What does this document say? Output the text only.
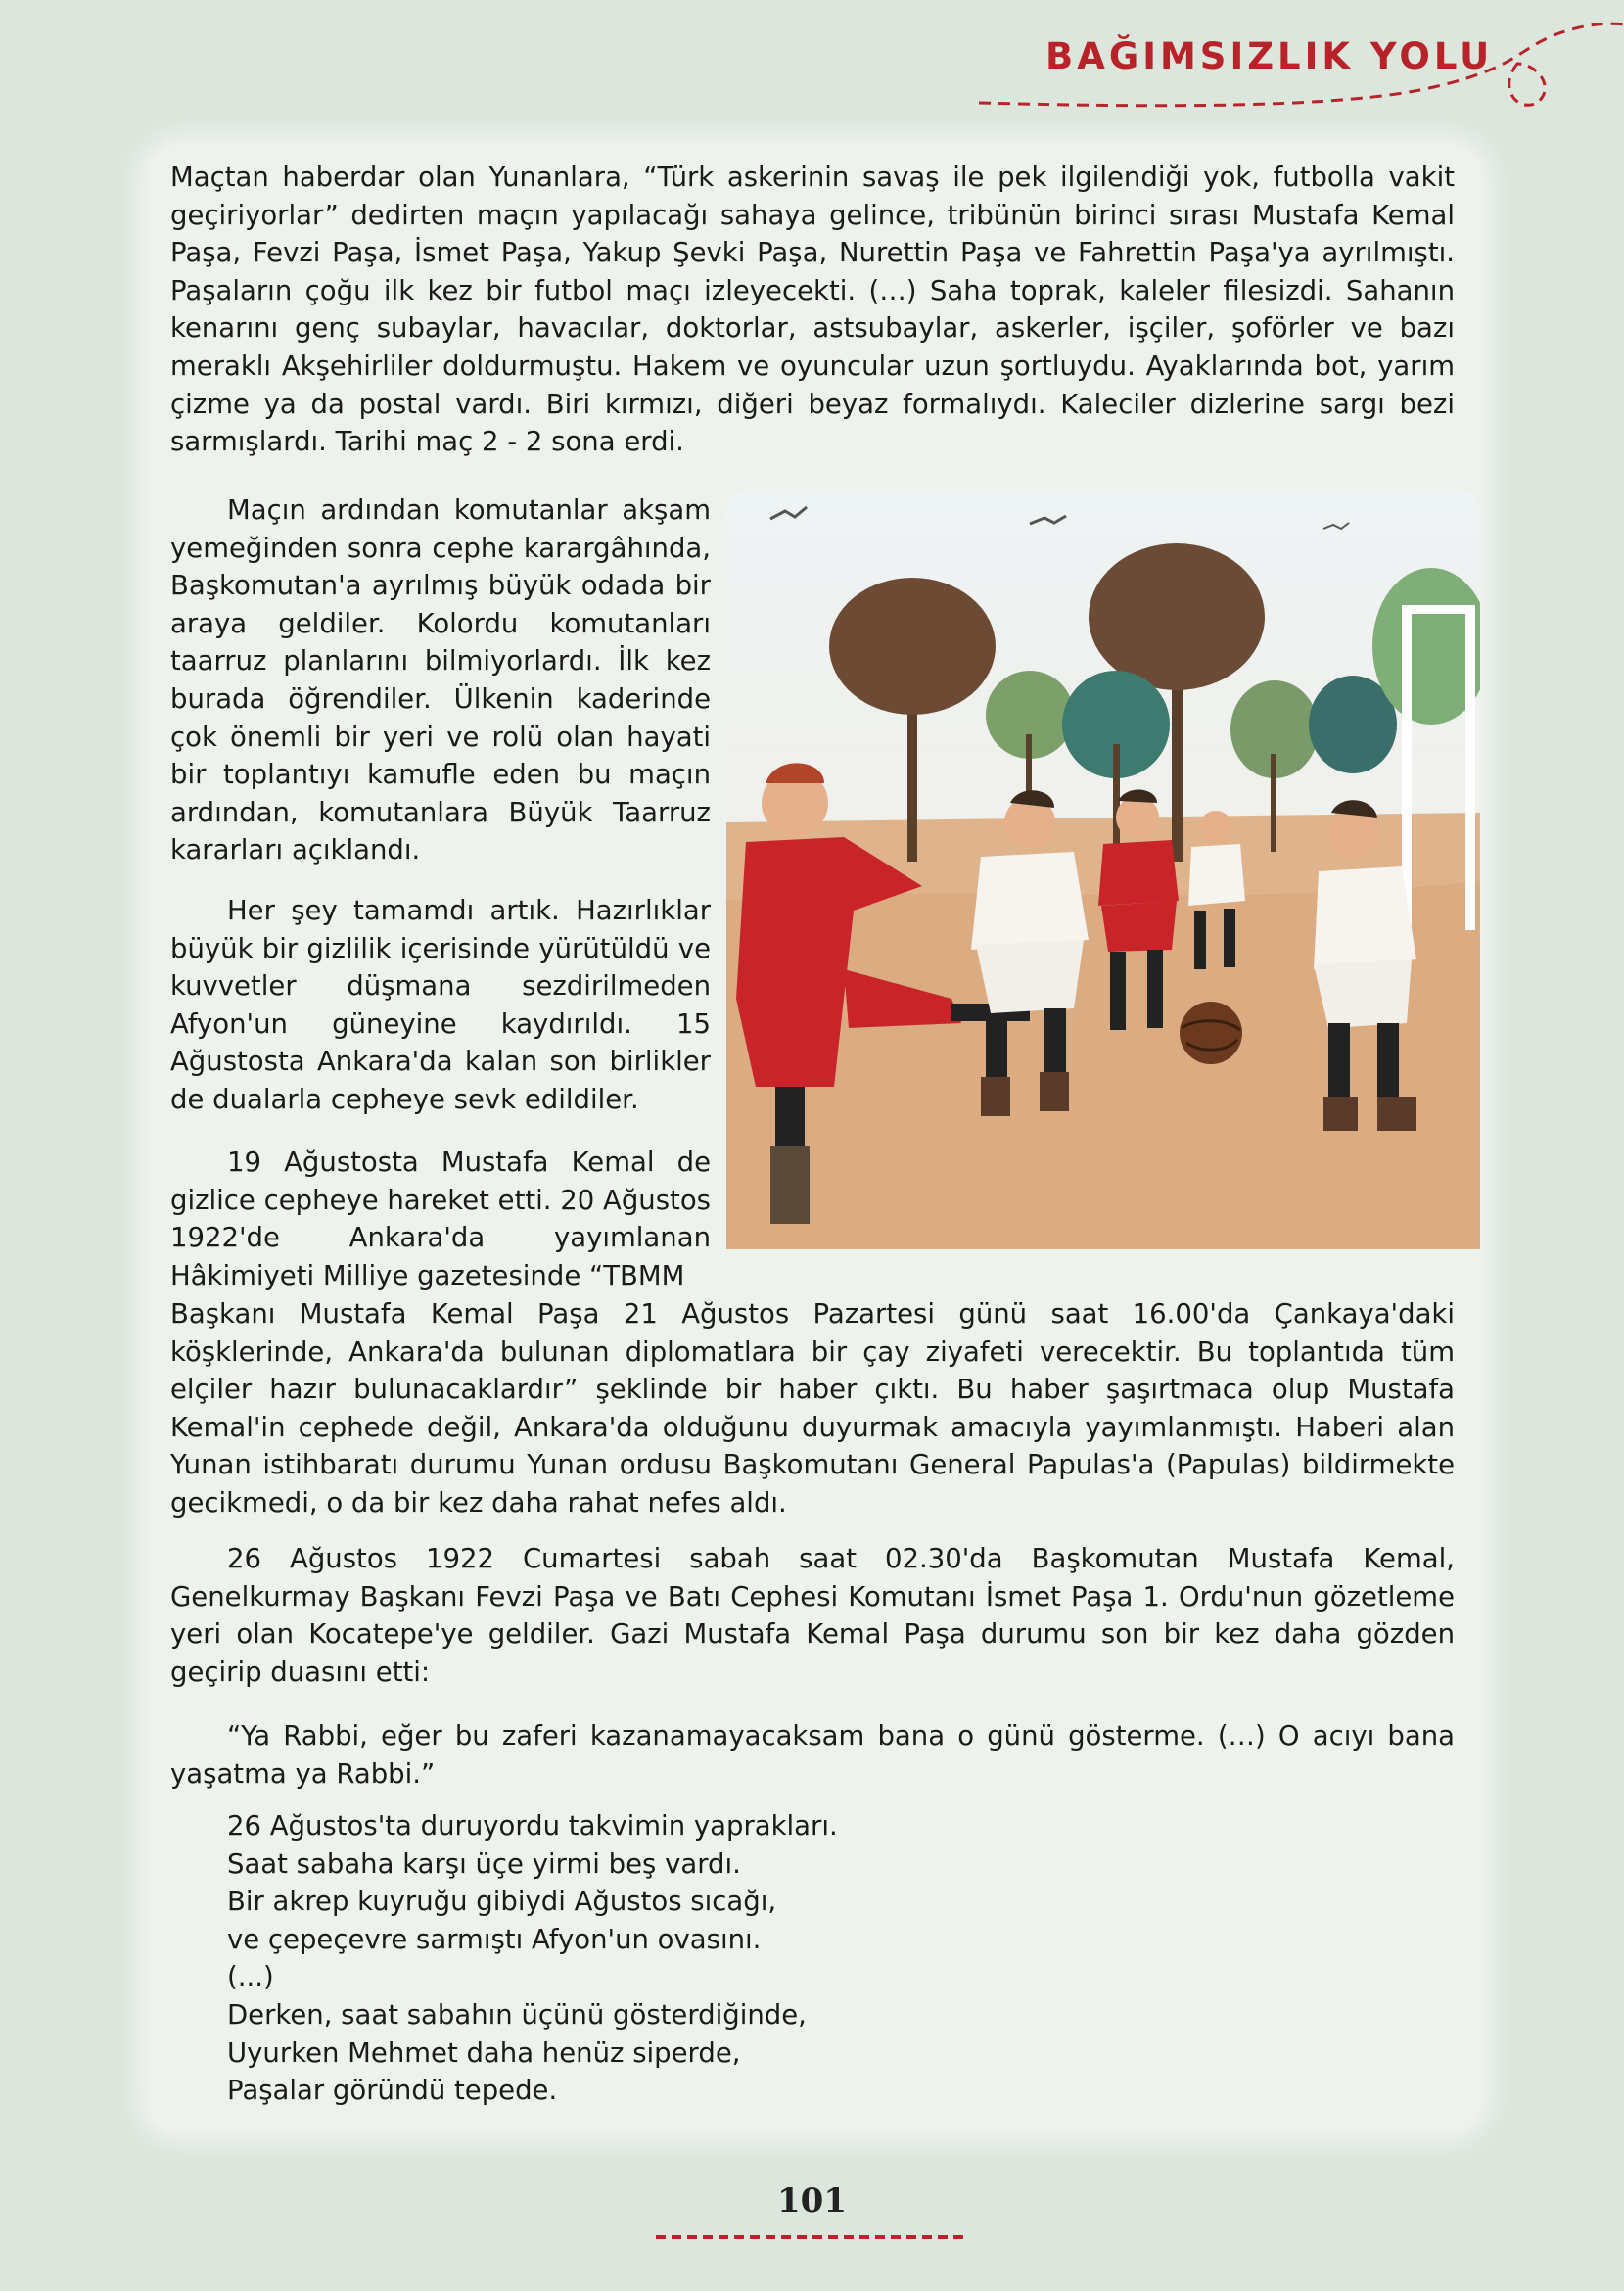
BAĞIMSIZLIK YOLU

Maçtan haberdar olan Yunanlara, “Türk askerinin savaş ile pek ilgilendiği yok, futbolla vakit geçiriyorlar” dedirten maçın yapılacağı sahaya gelince, tribünün birinci sırası Mustafa Kemal Paşa, Fevzi Paşa, İsmet Paşa, Yakup Şevki Paşa, Nurettin Paşa ve Fahrettin Paşa'ya ayrılmıştı. Paşaların çoğu ilk kez bir futbol maçı izleyecekti. (…) Saha toprak, kaleler filesizdi. Sahanın kenarını genç subaylar, havacılar, doktorlar, astsubaylar, askerler, işçiler, şoförler ve bazı meraklı Akşehirliler doldurmuştu. Hakem ve oyuncular uzun şortluydu. Ayaklarında bot, yarım çizme ya da postal vardı. Biri kırmızı, diğeri beyaz formalıydı. Kaleciler dizlerine sargı bezi sarmışlardı. Tarihi maç 2 - 2 sona erdi.

Maçın ardından komutanlar akşam yemeğinden sonra cephe karargâhında, Başkomutan'a ayrılmış büyük odada bir araya geldiler. Kolordu komutanları taarruz planlarını bilmiyorlardı. İlk kez burada öğrendiler. Ülkenin kaderinde çok önemli bir yeri ve rolü olan hayati bir toplantıyı kamufle eden bu maçın ardından, komutanlara Büyük Taarruz kararları açıklandı.

Her şey tamamdı artık. Hazırlıklar büyük bir gizlilik içerisinde yürütüldü ve kuvvetler düşmana sezdirilmeden Afyon'un güneyine kaydırıldı. 15 Ağustosta Ankara'da kalan son birlikler de dualarla cepheye sevk edildiler.

19 Ağustosta Mustafa Kemal de gizlice cepheye hareket etti. 20 Ağustos 1922'de Ankara'da yayımlanan Hâkimiyeti Milliye gazetesinde “TBMM

Başkanı Mustafa Kemal Paşa 21 Ağustos Pazartesi günü saat 16.00'da Çankaya'daki köşklerinde, Ankara'da bulunan diplomatlara bir çay ziyafeti verecektir. Bu toplantıda tüm elçiler hazır bulunacaklardır” şeklinde bir haber çıktı. Bu haber şaşırtmaca olup Mustafa Kemal'in cephede değil, Ankara'da olduğunu duyurmak amacıyla yayımlanmıştı. Haberi alan Yunan istihbaratı durumu Yunan ordusu Başkomutanı General Papulas'a (Papulas) bildirmekte gecikmedi, o da bir kez daha rahat nefes aldı.

26 Ağustos 1922 Cumartesi sabah saat 02.30'da Başkomutan Mustafa Kemal, Genelkurmay Başkanı Fevzi Paşa ve Batı Cephesi Komutanı İsmet Paşa 1. Ordu'nun gözetleme yeri olan Kocatepe'ye geldiler. Gazi Mustafa Kemal Paşa durumu son bir kez daha gözden geçirip duasını etti:

“Ya Rabbi, eğer bu zaferi kazanamayacaksam bana o günü gösterme. (…) O acıyı bana yaşatma ya Rabbi.”

26 Ağustos'ta duruyordu takvimin yaprakları.
Saat sabaha karşı üçe yirmi beş vardı.
Bir akrep kuyruğu gibiydi Ağustos sıcağı,
ve çepeçevre sarmıştı Afyon'un ovasını.
(...)
Derken, saat sabahın üçünü gösterdiğinde,
Uyurken Mehmet daha henüz siperde,
Paşalar göründü tepede.
101
